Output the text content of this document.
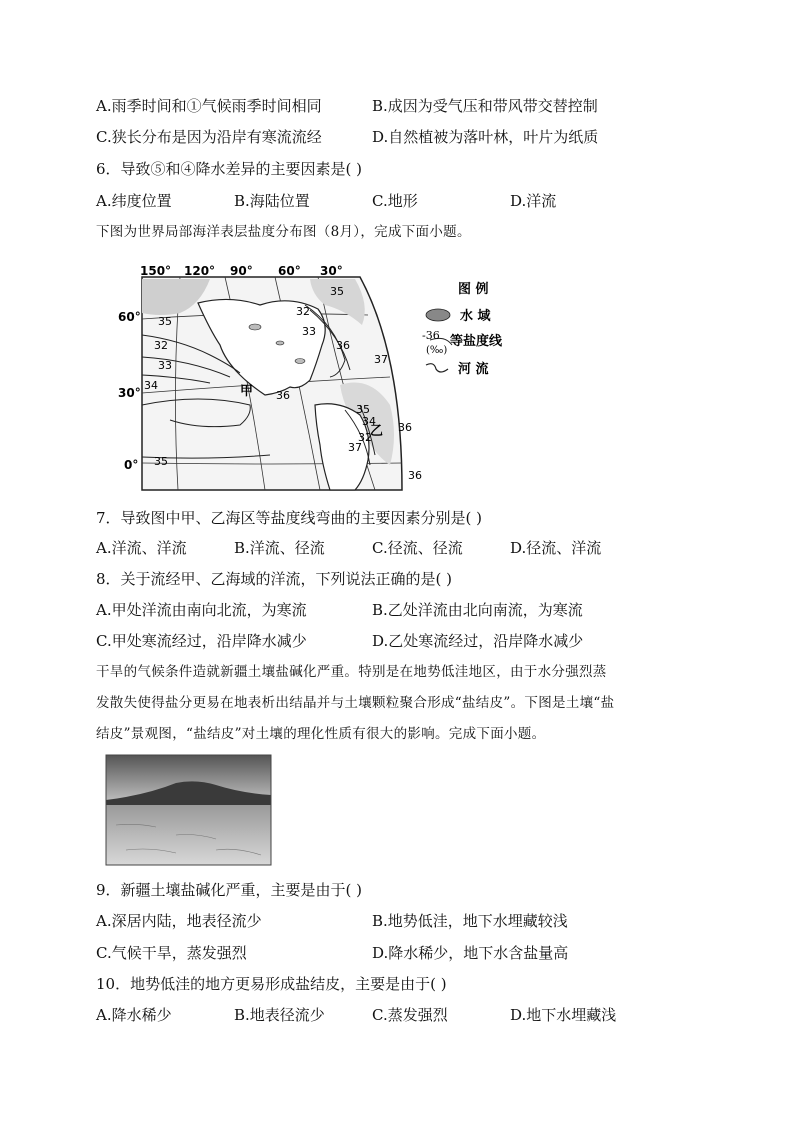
A.雨季时间和①气候雨季时间相同	B.成因为受气压和带风带交替控制
C.狭长分布是因为沿岸有寒流流经	D.自然植被为落叶林，叶片为纸质
6．导致⑤和④降水差异的主要因素是( )
A.纬度位置	B.海陆位置	C.地形	D.洋流
下图为世界局部海洋表层盐度分布图（8月），完成下面小题。
150° 120° 90° 60° 30°
60°
30°
0°
35
32
33
34
35
35
32
33
36
36
37
35
34
32
36
37
36
甲
乙
图 例
水 域
-36
(‰)
等盐度线
河 流
7．导致图中甲、乙海区等盐度线弯曲的主要因素分别是( )
A.洋流、洋流	B.洋流、径流	C.径流、径流	D.径流、洋流
8．关于流经甲、乙海域的洋流，下列说法正确的是( )
A.甲处洋流由南向北流，为寒流	B.乙处洋流由北向南流，为寒流
C.甲处寒流经过，沿岸降水减少	D.乙处寒流经过，沿岸降水减少
干旱的气候条件造就新疆土壤盐碱化严重。特别是在地势低洼地区，由于水分强烈蒸
发散失使得盐分更易在地表析出结晶并与土壤颗粒聚合形成“盐结皮”。下图是土壤“盐
结皮”景观图，“盐结皮”对土壤的理化性质有很大的影响。完成下面小题。
9．新疆土壤盐碱化严重，主要是由于( )
A.深居内陆，地表径流少	B.地势低洼，地下水埋藏较浅
C.气候干旱，蒸发强烈	D.降水稀少，地下水含盐量高
10．地势低洼的地方更易形成盐结皮，主要是由于( )
A.降水稀少	B.地表径流少	C.蒸发强烈	D.地下水埋藏浅
